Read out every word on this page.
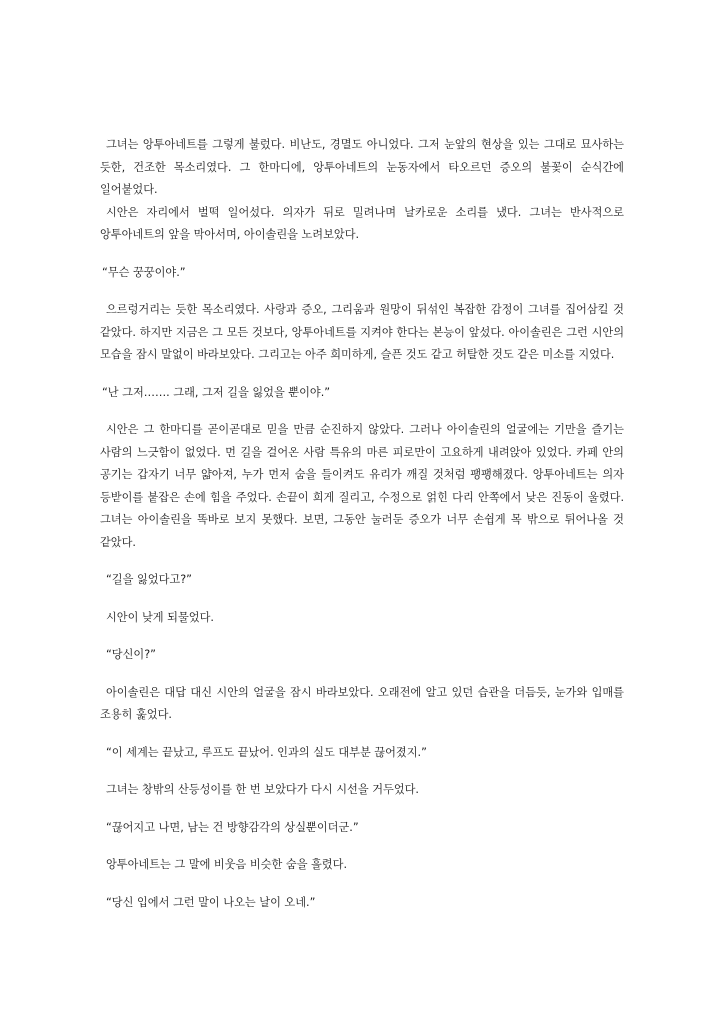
그녀는 앙투아네트를 그렇게 불렀다. 비난도, 경멸도 아니었다. 그저 눈앞의 현상을 있는 그대로 묘사하는 듯한, 건조한 목소리였다. 그 한마디에, 앙투아네트의 눈동자에서 타오르던 증오의 불꽃이 순식간에 일어붙었다.

시안은 자리에서 벌떡 일어섰다. 의자가 뒤로 밀려나며 날카로운 소리를 냈다. 그녀는 반사적으로 앙투아네트의 앞을 막아서며, 아이솔린을 노려보았다.

“무슨 꿍꿍이야.”

으르렁거리는 듯한 목소리였다. 사랑과 증오, 그리움과 원망이 뒤섞인 복잡한 감정이 그녀를 집어삼킬 것 같았다. 하지만 지금은 그 모든 것보다, 앙투아네트를 지켜야 한다는 본능이 앞섰다. 아이솔린은 그런 시안의 모습을 잠시 말없이 바라보았다. 그리고는 아주 희미하게, 슬픈 것도 같고 허탈한 것도 같은 미소를 지었다.

“난 그저……. 그래, 그저 길을 잃었을 뿐이야.”

시안은 그 한마디를 곧이곧대로 믿을 만큼 순진하지 않았다. 그러나 아이솔린의 얼굴에는 기만을 즐기는 사람의 느긋함이 없었다. 먼 길을 걸어온 사람 특유의 마른 피로만이 고요하게 내려앉아 있었다. 카페 안의 공기는 갑자기 너무 얇아져, 누가 먼저 숨을 들이켜도 유리가 깨질 것처럼 팽팽해졌다. 앙투아네트는 의자 등받이를 붙잡은 손에 힘을 주었다. 손끝이 희게 질리고, 수정으로 얽힌 다리 안쪽에서 낮은 진동이 울렸다. 그녀는 아이솔린을 똑바로 보지 못했다. 보면, 그동안 눌러둔 증오가 너무 손쉽게 목 밖으로 튀어나올 것 같았다.

“길을 잃었다고?”

시안이 낮게 되물었다.

“당신이?”

아이솔린은 대답 대신 시안의 얼굴을 잠시 바라보았다. 오래전에 알고 있던 습관을 더듬듯, 눈가와 입매를 조용히 훑었다.

“이 세계는 끝났고, 루프도 끝났어. 인과의 실도 대부분 끊어졌지.”

그녀는 창밖의 산등성이를 한 번 보았다가 다시 시선을 거두었다.

“끊어지고 나면, 남는 건 방향감각의 상실뿐이더군.”

앙투아네트는 그 말에 비웃음 비슷한 숨을 흘렸다.

“당신 입에서 그런 말이 나오는 날이 오네.”
